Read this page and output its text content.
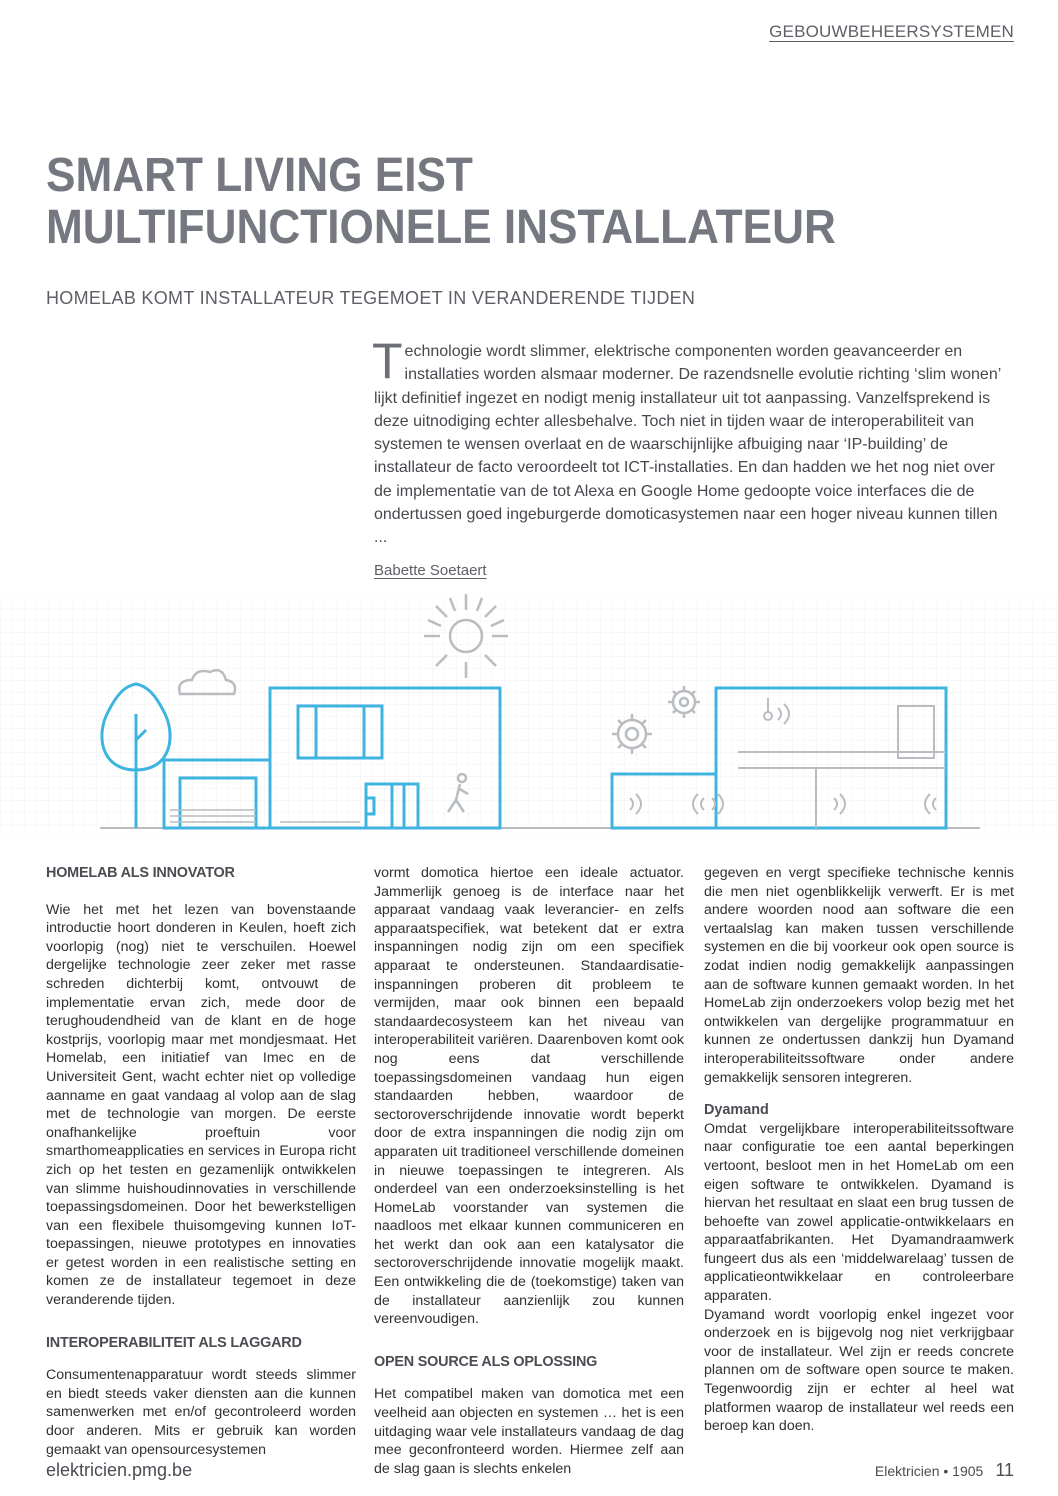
GEBOUWBEHEERSYSTEMEN
SMART LIVING EIST
MULTIFUNCTIONELE INSTALLATEUR
HOMELAB KOMT INSTALLATEUR TEGEMOET IN VERANDERENDE TIJDEN
Technologie wordt slimmer, elektrische componenten worden geavanceerder en installaties worden alsmaar moderner. De razendsnelle evolutie richting ‘slim wonen’ lijkt definitief ingezet en nodigt menig installateur uit tot aanpassing. Vanzelfsprekend is deze uitnodiging echter allesbehalve. Toch niet in tijden waar de interoperabiliteit van systemen te wensen overlaat en de waarschijnlijke afbuiging naar ‘IP-building’ de installateur de facto veroordeelt tot ICT-installaties. En dan hadden we het nog niet over de implementatie van de tot Alexa en Google Home gedoopte voice interfaces die de ondertussen goed ingeburgerde domoticasystemen naar een hoger niveau kunnen tillen ...
Babette Soetaert
HOMELAB ALS INNOVATOR

Wie het met het lezen van bovenstaande introductie hoort donderen in Keulen, hoeft zich voorlopig (nog) niet te verschuilen. Hoewel dergelijke technologie zeer zeker met rasse schreden dichterbij komt, ontvouwt de implementatie ervan zich, mede door de terughoudendheid van de klant en de hoge kostprijs, voorlopig maar met mondjesmaat. Het Homelab, een initiatief van Imec en de Universiteit Gent, wacht echter niet op volledige aanname en gaat vandaag al volop aan de slag met de technologie van morgen. De eerste onafhankelijke proeftuin voor smarthomeapplicaties en services in Europa richt zich op het testen en gezamenlijk ontwikkelen van slimme huishoudinnovaties in verschillende toepassingsdomeinen. Door het bewerkstelligen van een flexibele thuisomgeving kunnen IoT-toepassingen, nieuwe prototypes en innovaties er getest worden in een realistische setting en komen ze de installateur tegemoet in deze veranderende tijden.

INTEROPERABILITEIT ALS LAGGARD

Consumentenapparatuur wordt steeds slimmer en biedt steeds vaker diensten aan die kunnen samenwerken met en/of gecontroleerd worden door anderen. Mits er gebruik kan worden gemaakt van opensourcesystemen

vormt domotica hiertoe een ideale actuator. Jammerlijk genoeg is de interface naar het apparaat vandaag vaak leverancier- en zelfs apparaatspecifiek, wat betekent dat er extra inspanningen nodig zijn om een specifiek apparaat te ondersteunen. Standaardisatie-inspanningen proberen dit probleem te vermijden, maar ook binnen een bepaald standaardecosysteem kan het niveau van interoperabiliteit variëren. Daarenboven komt ook nog eens dat verschillende toepassingsdomeinen vandaag hun eigen standaarden hebben, waardoor de sectoroverschrijdende innovatie wordt beperkt door de extra inspanningen die nodig zijn om apparaten uit traditioneel verschillende domeinen in nieuwe toepassingen te integreren. Als onderdeel van een onderzoeksinstelling is het HomeLab voorstander van systemen die naadloos met elkaar kunnen communiceren en het werkt dan ook aan een katalysator die sectoroverschrijdende innovatie mogelijk maakt. Een ontwikkeling die de (toekomstige) taken van de installateur aanzienlijk zou kunnen vereenvoudigen.

OPEN SOURCE ALS OPLOSSING

Het compatibel maken van domotica met een veelheid aan objecten en systemen … het is een uitdaging waar vele installateurs vandaag de dag mee geconfronteerd worden. Hiermee zelf aan de slag gaan is slechts enkelen

gegeven en vergt specifieke technische kennis die men niet ogenblikkelijk verwerft. Er is met andere woorden nood aan software die een vertaalslag kan maken tussen verschillende systemen en die bij voorkeur ook open source is zodat indien nodig gemakkelijk aanpassingen aan de software kunnen gemaakt worden. In het HomeLab zijn onderzoekers volop bezig met het ontwikkelen van dergelijke programmatuur en kunnen ze ondertussen dankzij hun Dyamand interoperabiliteitssoftware onder andere gemakkelijk sensoren integreren.

Dyamand

Omdat vergelijkbare interoperabiliteitssoftware naar configuratie toe een aantal beperkingen vertoont, besloot men in het HomeLab om een eigen software te ontwikkelen. Dyamand is hiervan het resultaat en slaat een brug tussen de behoefte van zowel applicatie-ontwikkelaars en apparaatfabrikanten. Het Dyamandraamwerk fungeert dus als een ‘middelwarelaag’ tussen de applicatieontwikkelaar en controleerbare apparaten.

Dyamand wordt voorlopig enkel ingezet voor onderzoek en is bijgevolg nog niet verkrijgbaar voor de installateur. Wel zijn er reeds concrete plannen om de software open source te maken. Tegenwoordig zijn er echter al heel wat platformen waarop de installateur wel reeds een beroep kan doen.

elektricien.pmg.be	Elektricien • 1905 11
